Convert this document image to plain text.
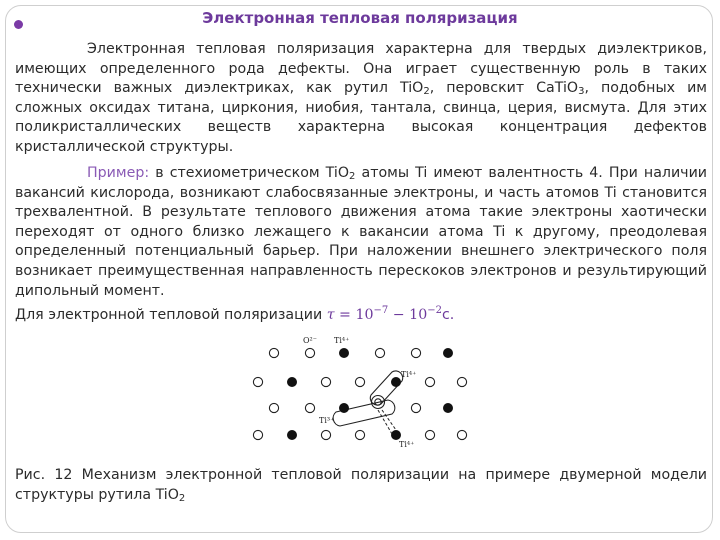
Электронная тепловая поляризация
Электронная тепловая поляризация характерна для твердых диэлектриков, имеющих определенного рода дефекты. Она играет существенную роль в таких технически важных диэлектриках, как рутил TiO$_2$, перовскит CaTiO$_3$, подобных им сложных оксидах титана, циркония, ниобия, тантала, свинца, церия, висмута. Для этих поликристаллических веществ характерна высокая концентрация дефектов кристаллической структуры.
Пример: в стехиометрическом TiO$_2$ атомы Ti имеют валентность 4. При наличии вакансий кислорода, возникают слабосвязанные электроны, и часть атомов Ti становится трехвалентной. В результате теплового движения атома такие электроны хаотически переходят от одного близко лежащего к вакансии атома Ti к другому, преодолевая определенный потенциальный барьер. При наложении внешнего электрического поля возникает преимущественная направленность перескоков электронов и результирующий дипольный момент.
Для электронной тепловой поляризации $\tau = 10^{-7} - 10^{-2}с$.
O²⁻ Ti⁴⁺
Ti⁴⁺
Ti³⁺
Ti⁴⁺
Рис. 12 Механизм электронной тепловой поляризации на примере двумерной модели структуры рутила TiO$_2$
